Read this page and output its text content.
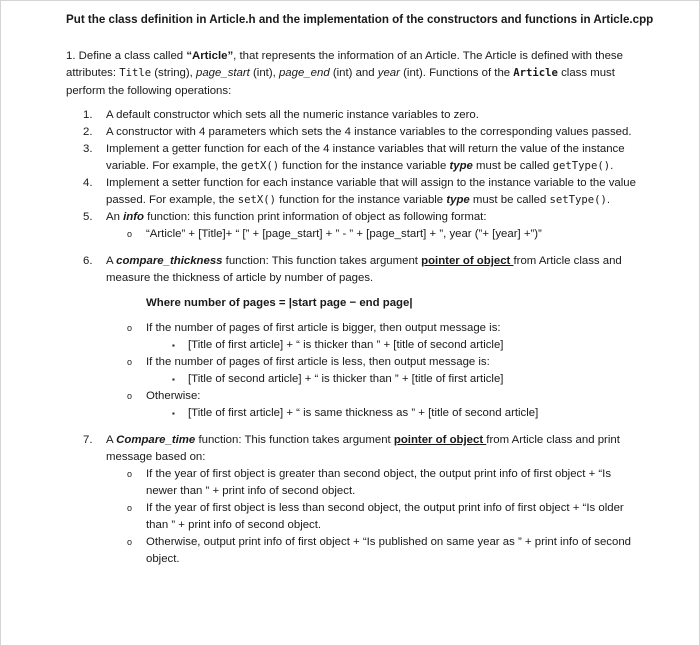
Put the class definition in Article.h and the implementation of the constructors and functions in Article.cpp
1. Define a class called “Article”, that represents the information of an Article. The Article is defined with these attributes: Title (string), page_start (int), page_end (int) and year (int). Functions of the Article class must perform the following operations:
1. A default constructor which sets all the numeric instance variables to zero.
2. A constructor with 4 parameters which sets the 4 instance variables to the corresponding values passed.
3. Implement a getter function for each of the 4 instance variables that will return the value of the instance variable. For example, the getX() function for the instance variable type must be called getType().
4. Implement a setter function for each instance variable that will assign to the instance variable to the value passed. For example, the setX() function for the instance variable type must be called setType().
5. An info function: this function print information of object as following format:
o “Article” + [Title]+ “ [” + [page_start] + ” - ” + [page_start] + ”, year (”+ [year] +”)”
6. A compare_thickness function: This function takes argument pointer of object from Article class and measure the thickness of article by number of pages.
Where number of pages = |start page − end page|
o If the number of pages of first article is bigger, then output message is:
▪ [Title of first article] + “ is thicker than ” + [title of second article]
o If the number of pages of first article is less, then output message is:
▪ [Title of second article] + “ is thicker than ” + [title of first article]
o Otherwise:
▪ [Title of first article] + “ is same thickness as ” + [title of second article]
7. A Compare_time function: This function takes argument pointer of object from Article class and print message based on:
o If the year of first object is greater than second object, the output print info of first object + “Is newer than ” + print info of second object.
o If the year of first object is less than second object, the output print info of first object + “Is older than ” + print info of second object.
o Otherwise, output print info of first object + “Is published on same year as ” + print info of second object.
